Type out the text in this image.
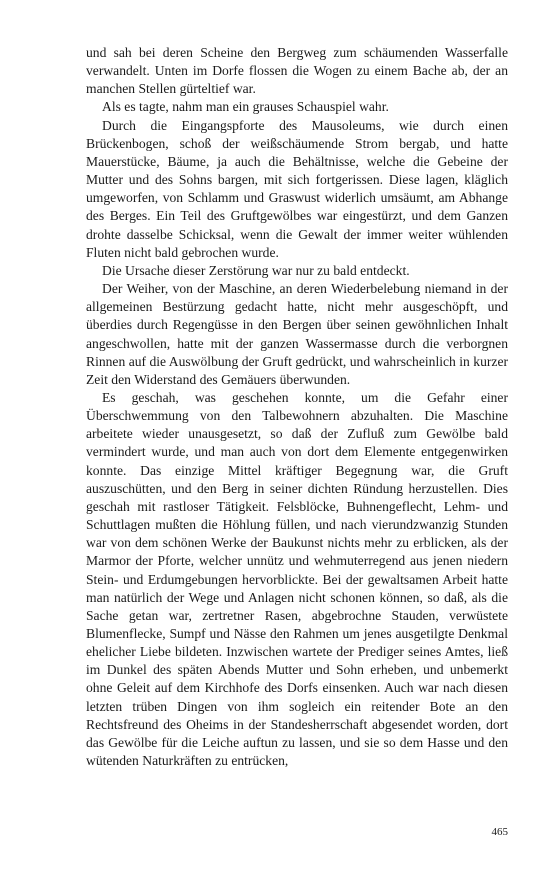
und sah bei deren Scheine den Bergweg zum schäumenden Wasserfalle verwandelt. Unten im Dorfe flossen die Wogen zu einem Bache ab, der an manchen Stellen gürteltief war.

Als es tagte, nahm man ein grauses Schauspiel wahr.

Durch die Eingangspforte des Mausoleums, wie durch einen Brückenbogen, schoß der weißschäumende Strom bergab, und hatte Mauerstücke, Bäume, ja auch die Behältnisse, welche die Gebeine der Mutter und des Sohns bargen, mit sich fortgerissen. Diese lagen, kläglich umgeworfen, von Schlamm und Graswust widerlich umsäumt, am Abhange des Berges. Ein Teil des Gruftgewölbes war eingestürzt, und dem Ganzen drohte dasselbe Schicksal, wenn die Gewalt der immer weiter wühlenden Fluten nicht bald gebrochen wurde.

Die Ursache dieser Zerstörung war nur zu bald entdeckt.

Der Weiher, von der Maschine, an deren Wiederbelebung niemand in der allgemeinen Bestürzung gedacht hatte, nicht mehr ausgeschöpft, und überdies durch Regengüsse in den Bergen über seinen gewöhnlichen Inhalt angeschwollen, hatte mit der ganzen Wassermasse durch die verborgnen Rinnen auf die Auswölbung der Gruft gedrückt, und wahrscheinlich in kurzer Zeit den Widerstand des Gemäuers überwunden.

Es geschah, was geschehen konnte, um die Gefahr einer Überschwemmung von den Talbewohnern abzuhalten. Die Maschine arbeitete wieder unausgesetzt, so daß der Zufluß zum Gewölbe bald vermindert wurde, und man auch von dort dem Elemente entgegenwirken konnte. Das einzige Mittel kräftiger Begegnung war, die Gruft auszuschütten, und den Berg in seiner dichten Ründung herzustellen. Dies geschah mit rastloser Tätigkeit. Felsblöcke, Buhnengeflecht, Lehm- und Schuttlagen mußten die Höhlung füllen, und nach vierundzwanzig Stunden war von dem schönen Werke der Baukunst nichts mehr zu erblicken, als der Marmor der Pforte, welcher unnütz und wehmuterregend aus jenen niedern Stein- und Erdumgebungen hervorblickte. Bei der gewaltsamen Arbeit hatte man natürlich der Wege und Anlagen nicht schonen können, so daß, als die Sache getan war, zertretner Rasen, abgebrochne Stauden, verwüstete Blumenflecke, Sumpf und Nässe den Rahmen um jenes ausgetilgte Denkmal ehelicher Liebe bildeten. Inzwischen wartete der Prediger seines Amtes, ließ im Dunkel des späten Abends Mutter und Sohn erheben, und unbemerkt ohne Geleit auf dem Kirchhofe des Dorfs einsenken. Auch war nach diesen letzten trüben Dingen von ihm sogleich ein reitender Bote an den Rechtsfreund des Oheims in der Standesherrschaft abgesendet worden, dort das Gewölbe für die Leiche auftun zu lassen, und sie so dem Hasse und den wütenden Naturkräften zu entrücken,

465
